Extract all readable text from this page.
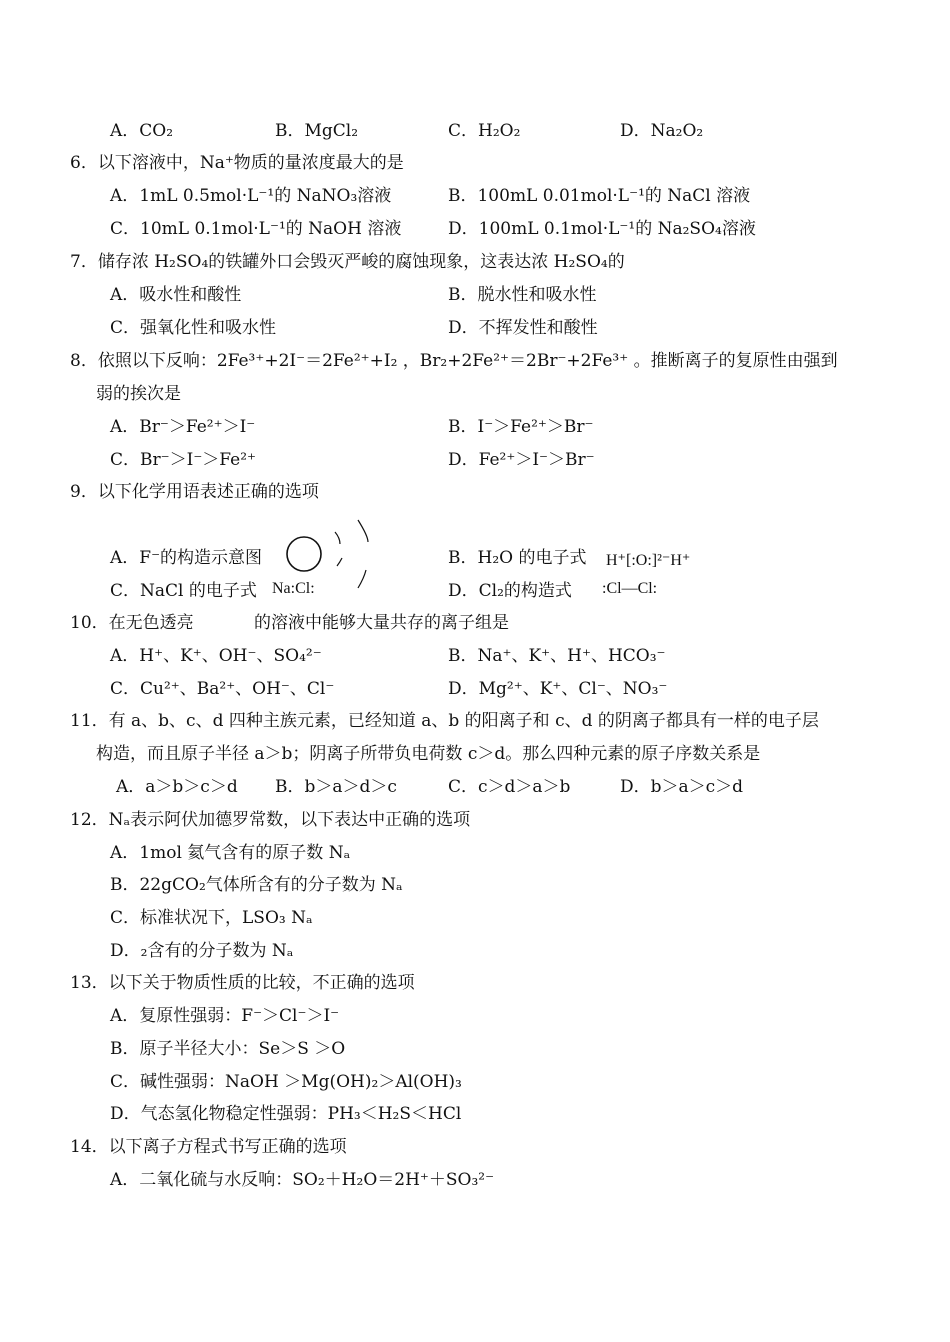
A．CO₂	B．MgCl₂	C．H₂O₂	D．Na₂O₂
6．以下溶液中，Na⁺物质的量浓度最大的是
A．1mL 0.5mol·L⁻¹的 NaNO₃溶液	B．100mL 0.01mol·L⁻¹的 NaCl 溶液
C．10mL 0.1mol·L⁻¹的 NaOH 溶液	D．100mL 0.1mol·L⁻¹的 Na₂SO₄溶液
7．储存浓 H₂SO₄的铁罐外口会毁灭严峻的腐蚀现象，这表达浓 H₂SO₄的
A．吸水性和酸性	B．脱水性和吸水性
C．强氧化性和吸水性	D．不挥发性和酸性
8．依照以下反响：2Fe³⁺+2I⁻＝2Fe²⁺+I₂ ，Br₂+2Fe²⁺＝2Br⁻+2Fe³⁺ 。推断离子的复原性由强到
弱的挨次是
A．Br⁻＞Fe²⁺＞I⁻	B．I⁻＞Fe²⁺＞Br⁻
C．Br⁻＞I⁻＞Fe²⁺	D．Fe²⁺＞I⁻＞Br⁻
9．以下化学用语表述正确的选项
A．F⁻的构造示意图	B．H₂O 的电子式 H⁺[:O:]²⁻H⁺
C．NaCl 的电子式 Na:Cl:	D．Cl₂的构造式 :Cl—Cl:
10．在无色透亮	的溶液中能够大量共存的离子组是
A．H⁺、K⁺、OH⁻、SO₄²⁻	B．Na⁺、K⁺、H⁺、HCO₃⁻
C．Cu²⁺、Ba²⁺、OH⁻、Cl⁻	D．Mg²⁺、K⁺、Cl⁻、NO₃⁻
11．有 a、b、c、d 四种主族元素，已经知道 a、b 的阳离子和 c、d 的阴离子都具有一样的电子层
构造，而且原子半径 a＞b；阴离子所带负电荷数 c＞d。那么四种元素的原子序数关系是
A．a＞b＞c＞d B．b＞a＞d＞c	C．c＞d＞a＞b	D．b＞a＞c＞d
12．Nₐ表示阿伏加德罗常数，以下表达中正确的选项
A．1mol 氦气含有的原子数 Nₐ
B．22gCO₂气体所含有的分子数为 Nₐ
C．标准状况下，LSO₃ Nₐ
D．₂含有的分子数为 Nₐ
13．以下关于物质性质的比较，不正确的选项
A．复原性强弱：F⁻＞Cl⁻＞I⁻
B．原子半径大小：Se＞S ＞O
C．碱性强弱：NaOH ＞Mg(OH)₂＞Al(OH)₃
D．气态氢化物稳定性强弱：PH₃＜H₂S＜HCl
14．以下离子方程式书写正确的选项
A．二氧化硫与水反响：SO₂＋H₂O＝2H⁺＋SO₃²⁻
